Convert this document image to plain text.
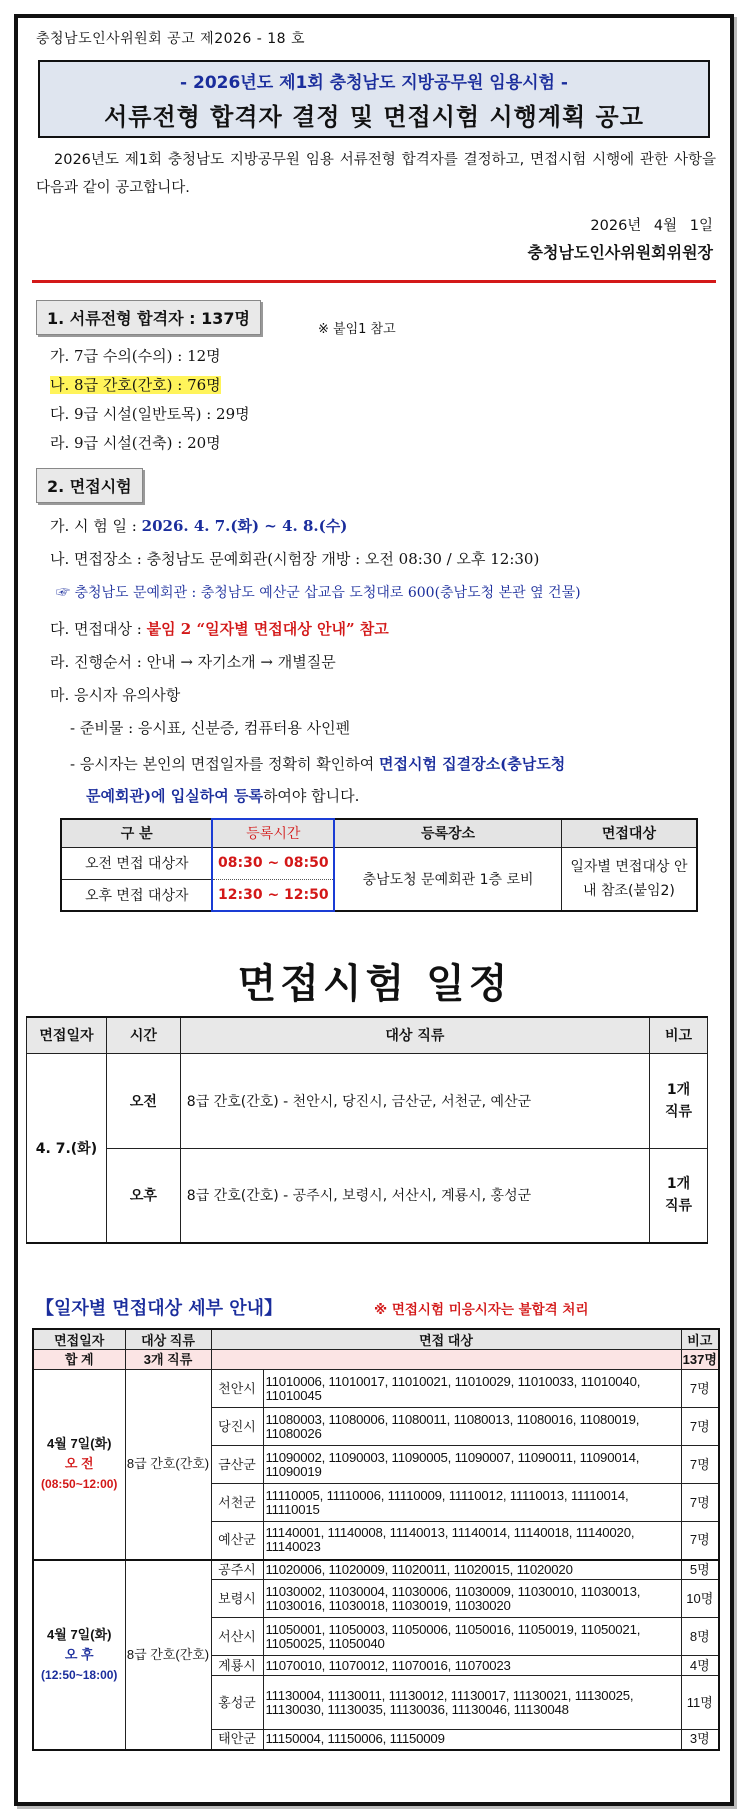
충청남도인사위원회 공고 제2026 - 18 호
- 2026년도 제1회 충청남도 지방공무원 임용시험 -
서류전형 합격자 결정 및 면접시험 시행계획 공고
2026년도 제1회 충청남도 지방공무원 임용 서류전형 합격자를 결정하고, 면접시험 시행에 관한 사항을 다음과 같이 공고합니다.
2026년 4월 1일
충청남도인사위원회위원장
1. 서류전형 합격자 : 137명
※ 붙임1 참고
가. 7급 수의(수의) : 12명
나. 8급 간호(간호) : 76명
다. 9급 시설(일반토목) : 29명
라. 9급 시설(건축) : 20명
2. 면접시험
가. 시 험 일 : 2026. 4. 7.(화) ~ 4. 8.(수)
나. 면접장소 : 충청남도 문예회관(시험장 개방 : 오전 08:30 / 오후 12:30)
☞ 충청남도 문예회관 : 충청남도 예산군 삽교읍 도청대로 600(충남도청 본관 옆 건물)
다. 면접대상 : 붙임 2 “일자별 면접대상 안내” 참고
라. 진행순서 : 안내 → 자기소개 → 개별질문
마. 응시자 유의사항
- 준비물 : 응시표, 신분증, 컴퓨터용 사인펜
- 응시자는 본인의 면접일자를 정확히 확인하여 면접시험 집결장소(충남도청
문예회관)에 입실하여 등록하여야 합니다.
구 분	등록시간	등록장소	면접대상
오전 면접 대상자	08:30 ~ 08:50	충남도청 문예회관 1층 로비	일자별 면접대상 안내 참조(붙임2)
오후 면접 대상자	12:30 ~ 12:50		
면접시험 일정
면접일자	시간	대상 직류	비고
4. 7.(화)	오전	8급 간호(간호) - 천안시, 당진시, 금산군, 서천군, 예산군	1개 직류
	오후	8급 간호(간호) - 공주시, 보령시, 서산시, 계룡시, 홍성군	1개 직류
【일자별 면접대상 세부 안내】	※ 면접시험 미응시자는 불합격 처리
면접일자	대상 직류	면접 대상		비고
합 계	3개 직류			137명

4월 7일(화)
오 전
(08:50~12:00)	8급 간호(간호)	천안시	11010006, 11010017, 11010021, 11010029, 11010033, 11010040, 11010045	7명
		당진시	11080003, 11080006, 11080011, 11080013, 11080016, 11080019, 11080026	7명
		금산군	11090002, 11090003, 11090005, 11090007, 11090011, 11090014, 11090019	7명
		서천군	11110005, 11110006, 11110009, 11110012, 11110013, 11110014, 11110015	7명
		예산군	11140001, 11140008, 11140013, 11140014, 11140018, 11140020, 11140023	7명

4월 7일(화)
오 후
(12:50~18:00)	8급 간호(간호)	공주시	11020006, 11020009, 11020011, 11020015, 11020020	5명
		보령시	11030002, 11030004, 11030006, 11030009, 11030010, 11030013, 11030016, 11030018, 11030019, 11030020	10명
		서산시	11050001, 11050003, 11050006, 11050016, 11050019, 11050021, 11050025, 11050040	8명
		계룡시	11070010, 11070012, 11070016, 11070023	4명
		홍성군	11130004, 11130011, 11130012, 11130017, 11130021, 11130025, 11130030, 11130035, 11130036, 11130046, 11130048	11명
		태안군	11150004, 11150006, 11150009	3명
